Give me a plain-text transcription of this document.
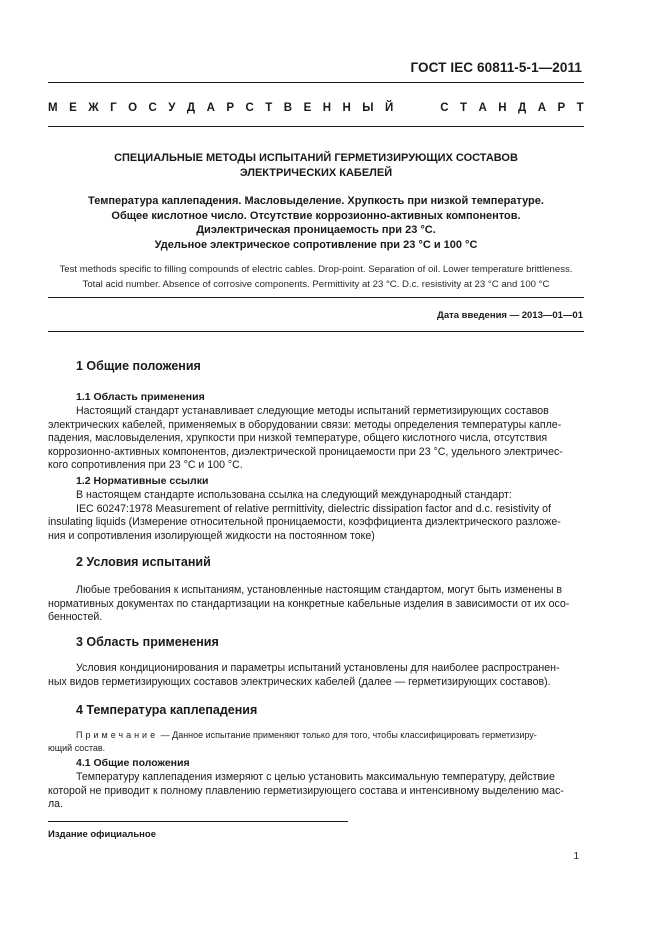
ГОСТ IEC 60811-5-1—2011
М Е Ж Г О С У Д А Р С Т В Е Н Н Ы Й	С Т А Н Д А Р Т
СПЕЦИАЛЬНЫЕ МЕТОДЫ ИСПЫТАНИЙ ГЕРМЕТИЗИРУЮЩИХ СОСТАВОВ
ЭЛЕКТРИЧЕСКИХ КАБЕЛЕЙ
Температура каплепадения. Масловыделение. Хрупкость при низкой температуре.
Общее кислотное число. Отсутствие коррозионно-активных компонентов.
Диэлектрическая проницаемость при 23 °С.
Удельное электрическое сопротивление при 23 °С и 100 °С
Test methods specific to filling compounds of electric cables. Drop-point. Separation of oil. Lower temperature brittleness.
Total acid number. Absence of corrosive components. Permittivity at 23 °С. D.c. resistivity at 23 °С and 100 °С
Дата введения — 2013—01—01
1 Общие положения
1.1 Область применения
Настоящий стандарт устанавливает следующие методы испытаний герметизирующих составов
электрических кабелей, применяемых в оборудовании связи: методы определения температуры капле-
падения, масловыделения, хрупкости при низкой температуре, общего кислотного числа, отсутствия
коррозионно-активных компонентов, диэлектрической проницаемости при 23 °С, удельного электричес-
кого сопротивления при 23 °С и 100 °С.
1.2 Нормативные ссылки
В настоящем стандарте использована ссылка на следующий международный стандарт:
IEC 60247:1978 Measurement of relative permittivity, dielectric dissipation factor and d.c. resistivity of
insulating liquids (Измерение относительной проницаемости, коэффициента диэлектрического разложе-
ния и сопротивления изолирующей жидкости на постоянном токе)
2 Условия испытаний
Любые требования к испытаниям, установленные настоящим стандартом, могут быть изменены в
нормативных документах по стандартизации на конкретные кабельные изделия в зависимости от их осо-
бенностей.
3 Область применения
Условия кондиционирования и параметры испытаний установлены для наиболее распространен-
ных видов герметизирующих составов электрических кабелей (далее — герметизирующих составов).
4 Температура каплепадения
Примечание — Данное испытание применяют только для того, чтобы классифицировать герметизиру-
ющий состав.
4.1 Общие положения
Температуру каплепадения измеряют с целью установить максимальную температуру, действие
которой не приводит к полному плавлению герметизирующего состава и интенсивному выделению мас-
ла.
Издание официальное
1
